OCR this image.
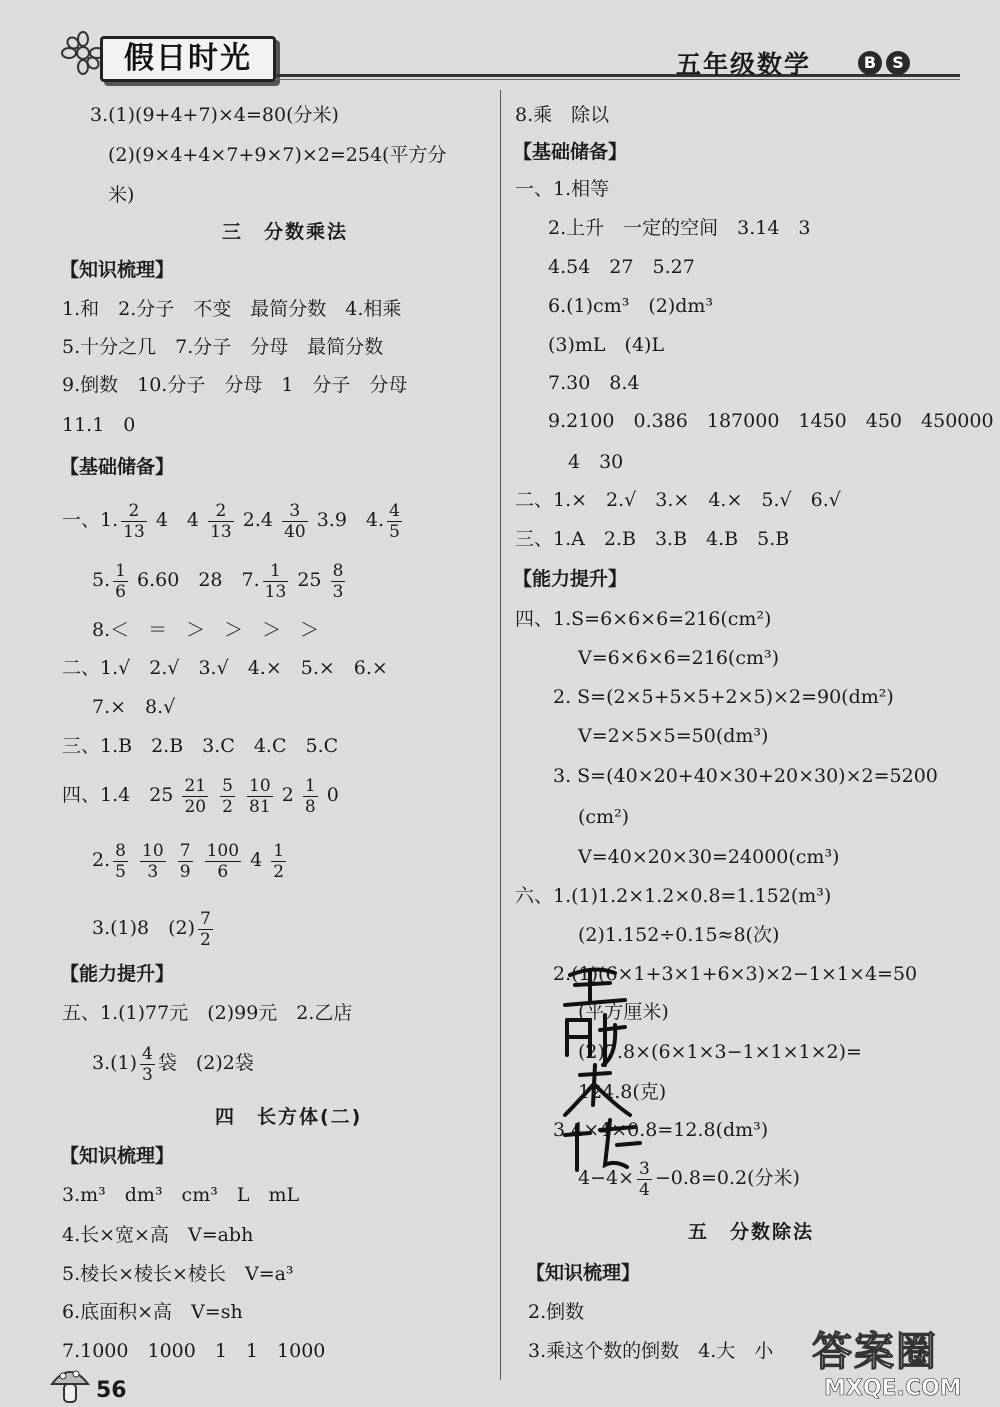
假日时光	五年级数学	B	S
3.(1)(9+4+7)×4=80(分米)
(2)(9×4+4×7+9×7)×2=254(平方分
米)
三　分数乘法
【知识梳理】
1.和　2.分子　不变　最简分数　4.相乘
5.十分之几　7.分子　分母　最简分数
9.倒数　10.分子　分母　1　分子　分母
11.1　0
【基础储备】
一、1. $\frac{2}{13} 4$　$4 \frac{2}{13} 2.4 \frac{3}{40} 3.9$　4. $\frac{4}{5}$
5. $\frac{1}{6} 6.60$　28　7. $\frac{1}{13} 25 \frac{8}{3}$
8.＜　＝　＞　＞　＞　＞
二、1.√　2.√　3.√　4.×　5.×　6.×
7.×　8.√
三、1.B　2.B　3.C　4.C　5.C
四、1.4　$25 \frac{21}{20}$
$\frac{5}{2}$
$\frac{10}{81} 2 \frac{1}{8} 0$
2. $\frac{8}{5}$
$\frac{10}{3}$
$\frac{7}{9}$
$\frac{100}{6} 4 \frac{1}{2}$
3.(1)8　$(2) \frac{7}{2}$
【能力提升】
五、1.(1)77元　(2)99元　2.乙店
$3.(1) \frac{4}{3}$ 袋　(2)2袋
四　长方体(二)
【知识梳理】
3.m³　dm³　cm³　L　mL
4.长×宽×高　V=abh
5.棱长×棱长×棱长　V=a³
6.底面积×高　V=sh
7.1000　1000　1　1　1000
8.乘　除以
【基础储备】
一、1.相等
2.上升　一定的空间　3.14　3
4.54　27　5.27
6.(1)cm³　(2)dm³
(3)mL　(4)L
7.30　8.4
9.2100　0.386　187000　1450　450　450000
4　30
二、1.×　2.√　3.×　4.×　5.√　6.√
三、1.A　2.B　3.B　4.B　5.B
【能力提升】
四、1.S=6×6×6=216(cm²)
V=6×6×6=216(cm³)
2. S=(2×5+5×5+2×5)×2=90(dm²)
V=2×5×5=50(dm³)
3. S=(40×20+40×30+20×30)×2=5200
(cm²)
V=40×20×30=24000(cm³)
六、1.(1)1.2×1.2×0.8=1.152(m³)
(2)1.152÷0.15≈8(次)
2.(1)(6×1+3×1+6×3)×2−1×1×4=50
(平方厘米)
(2)7.8×(6×1×3−1×1×1×2)=
124.8(克)
3.4×4×0.8=12.8(dm³)
$4-4\times \frac{3}{4} -0.8=0.2$(分米)
五　分数除法
【知识梳理】
2.倒数
3.乘这个数的倒数　4.大　小
56
答案圈
MXQE.COM
